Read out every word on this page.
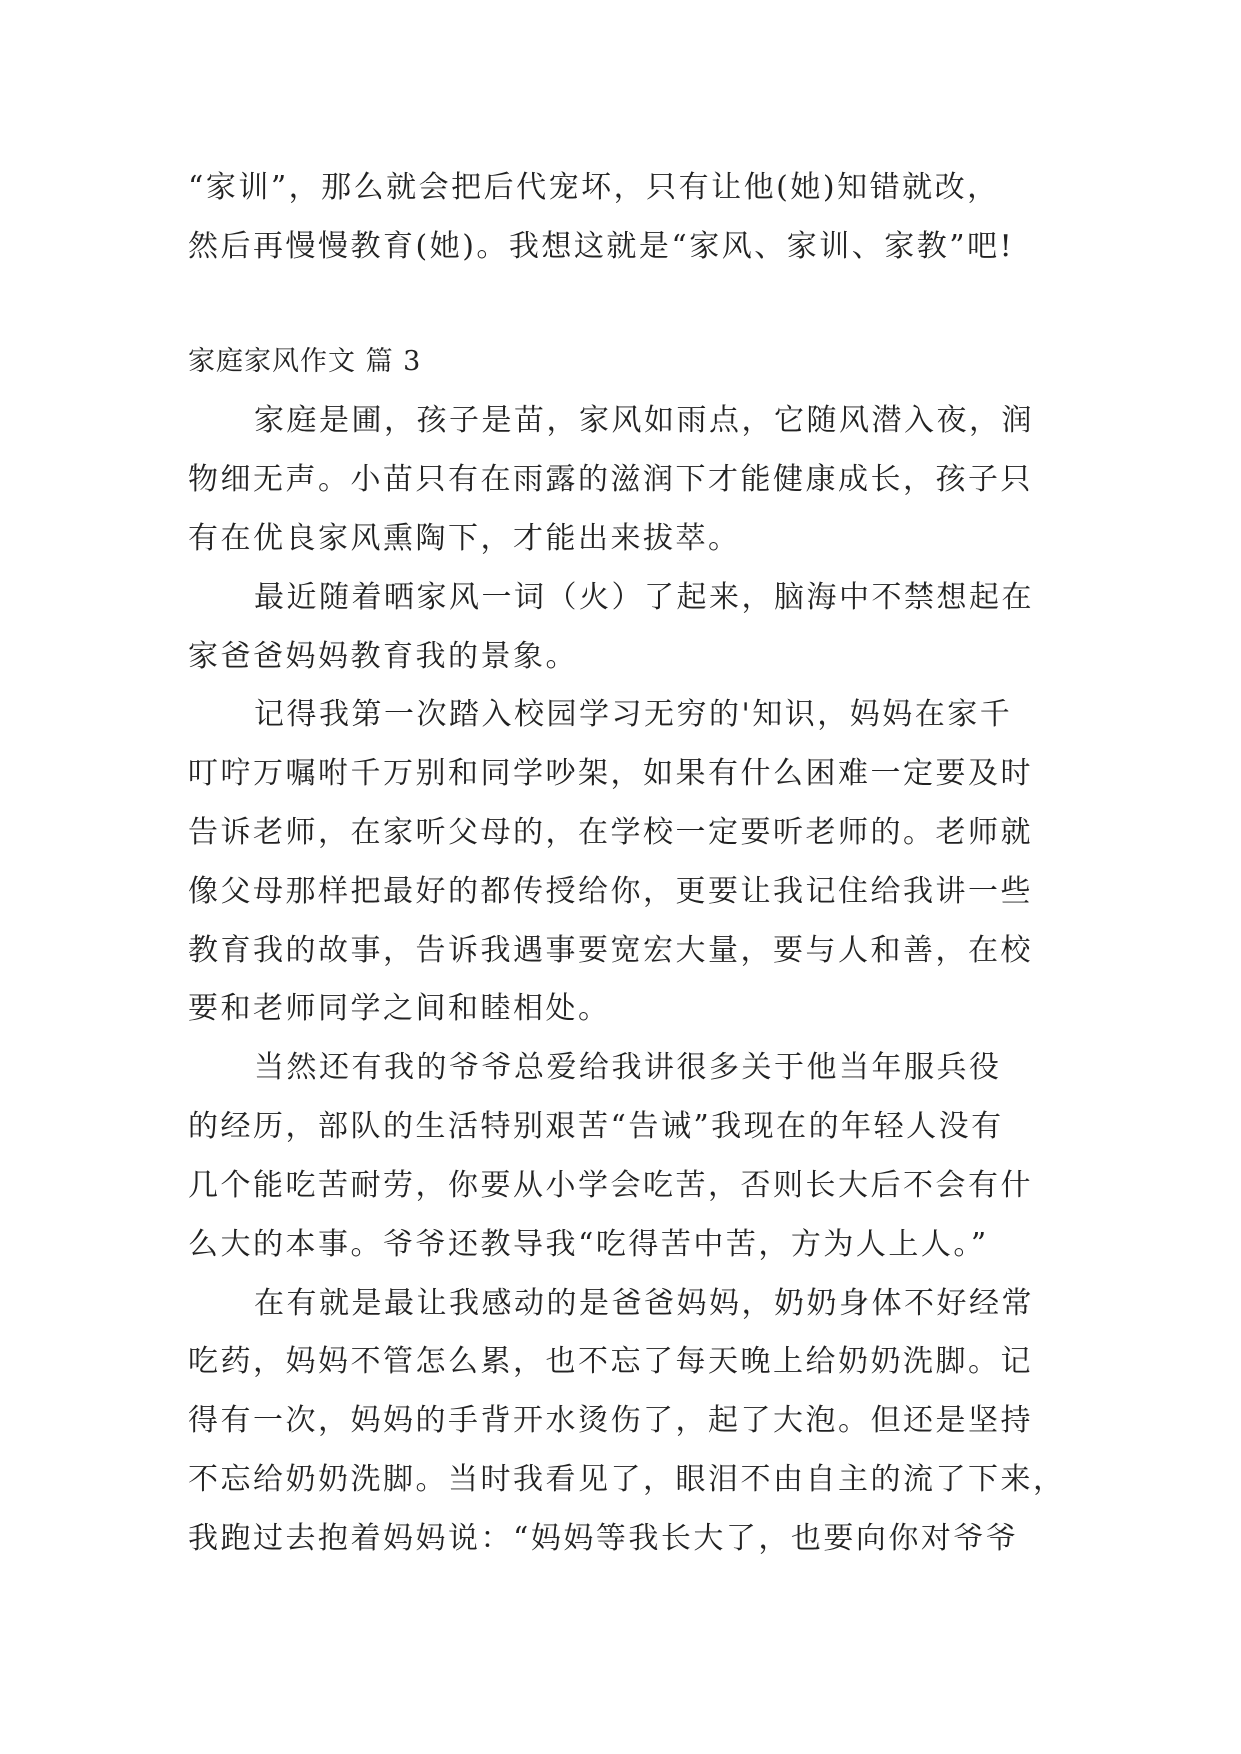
“家训”，那么就会把后代宠坏，只有让他(她)知错就改，
然后再慢慢教育(她)。我想这就是“家风、家训、家教”吧!
家庭家风作文 篇 3
家庭是圃，孩子是苗，家风如雨点，它随风潜入夜，润
物细无声。小苗只有在雨露的滋润下才能健康成长，孩子只
有在优良家风熏陶下，才能出来拔萃。
最近随着晒家风一词（火）了起来，脑海中不禁想起在
家爸爸妈妈教育我的景象。
记得我第一次踏入校园学习无穷的'知识，妈妈在家千
叮咛万嘱咐千万别和同学吵架，如果有什么困难一定要及时
告诉老师，在家听父母的，在学校一定要听老师的。老师就
像父母那样把最好的都传授给你，更要让我记住给我讲一些
教育我的故事，告诉我遇事要宽宏大量，要与人和善，在校
要和老师同学之间和睦相处。
当然还有我的爷爷总爱给我讲很多关于他当年服兵役
的经历，部队的生活特别艰苦“告诫”我现在的年轻人没有
几个能吃苦耐劳，你要从小学会吃苦，否则长大后不会有什
么大的本事。爷爷还教导我“吃得苦中苦，方为人上人。”
在有就是最让我感动的是爸爸妈妈，奶奶身体不好经常
吃药，妈妈不管怎么累，也不忘了每天晚上给奶奶洗脚。记
得有一次，妈妈的手背开水烫伤了，起了大泡。但还是坚持
不忘给奶奶洗脚。当时我看见了，眼泪不由自主的流了下来，
我跑过去抱着妈妈说：“妈妈等我长大了，也要向你对爷爷
